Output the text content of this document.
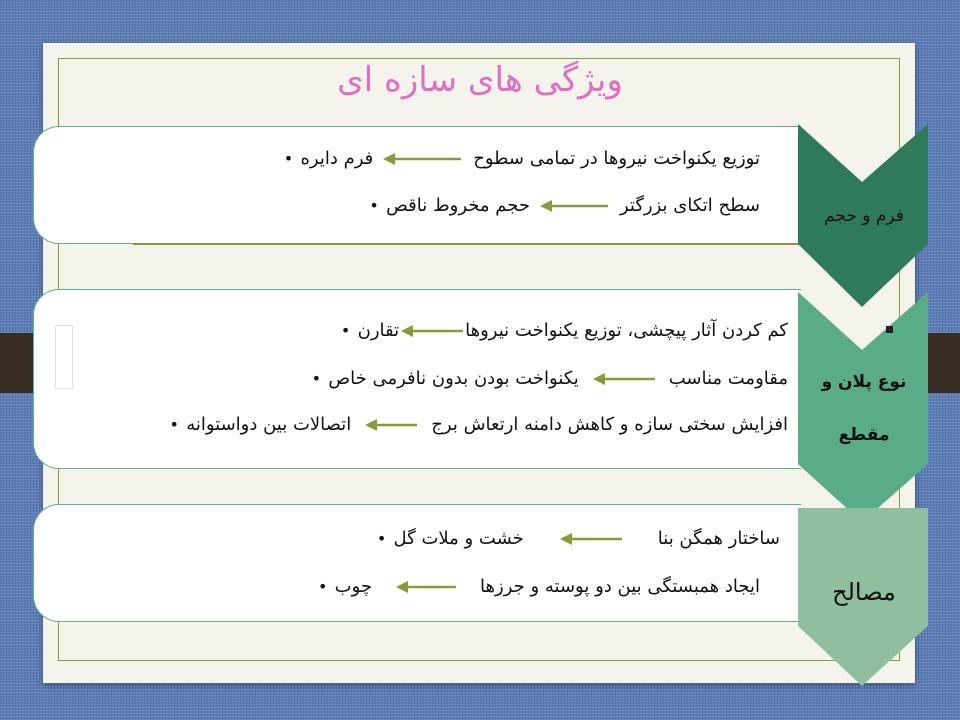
ویژگی های سازه ای
• فرم دایره	توزیع یکنواخت نیروها در تمامی سطوح
• حجم مخروط ناقص	سطح اتکای بزرگتر
• تقارن	کم کردن آثار پیچشی، توزیع یکنواخت نیروها
• یکنواخت بودن بدون نافرمی خاص	مقاومت مناسب
• اتصالات بین دواستوانه	افزایش سختی سازه و کاهش دامنه ارتعاش برج
• خشت و ملات گل	ساختار همگن بنا
• چوب	ایجاد همبستگی بین دو پوسته و جرزها
فرم و حجم
نوع پلان و
مقطع
مصالح
